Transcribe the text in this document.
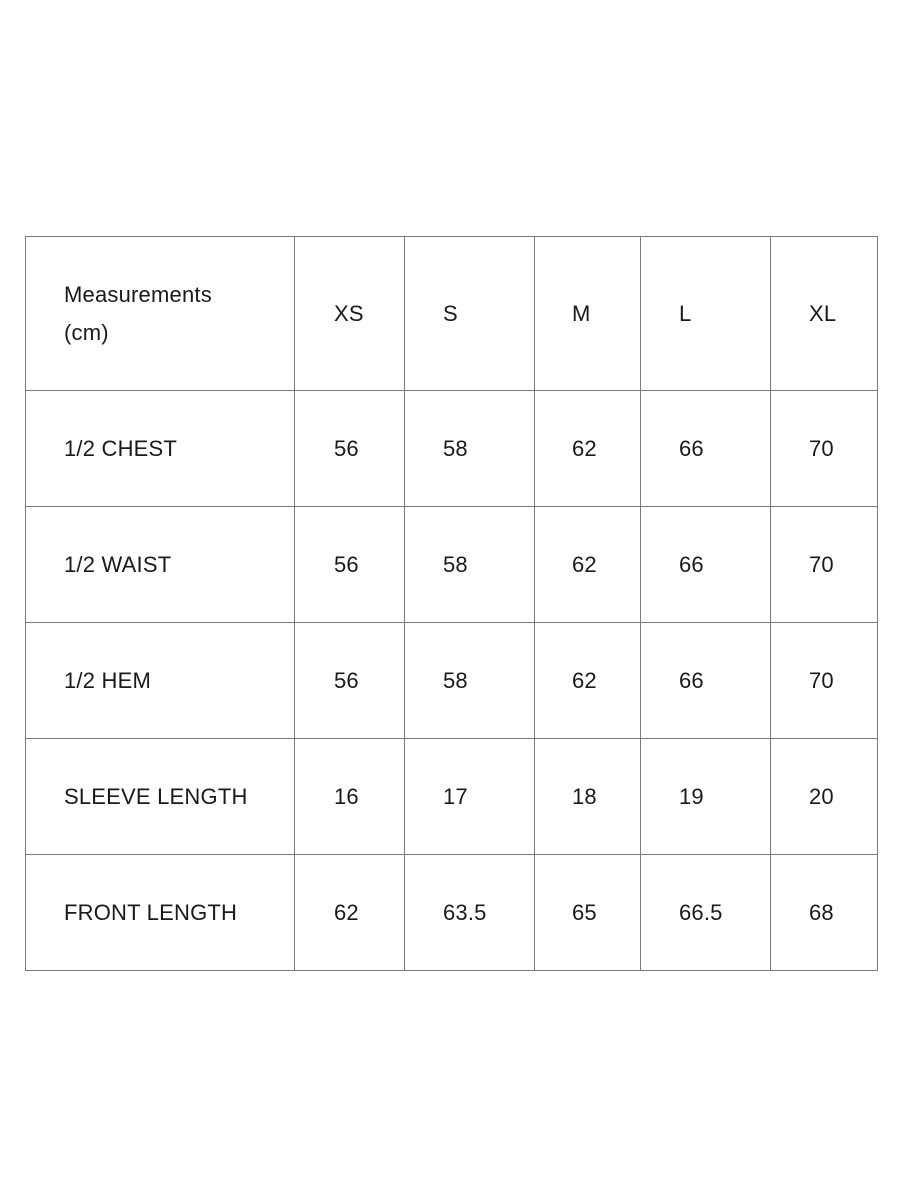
Measurements
(cm)	XS	S	M	L	XL
1/2 CHEST	56	58	62	66	70
1/2 WAIST	56	58	62	66	70
1/2 HEM	56	58	62	66	70
SLEEVE LENGTH	16	17	18	19	20
FRONT LENGTH	62	63.5	65	66.5	68
